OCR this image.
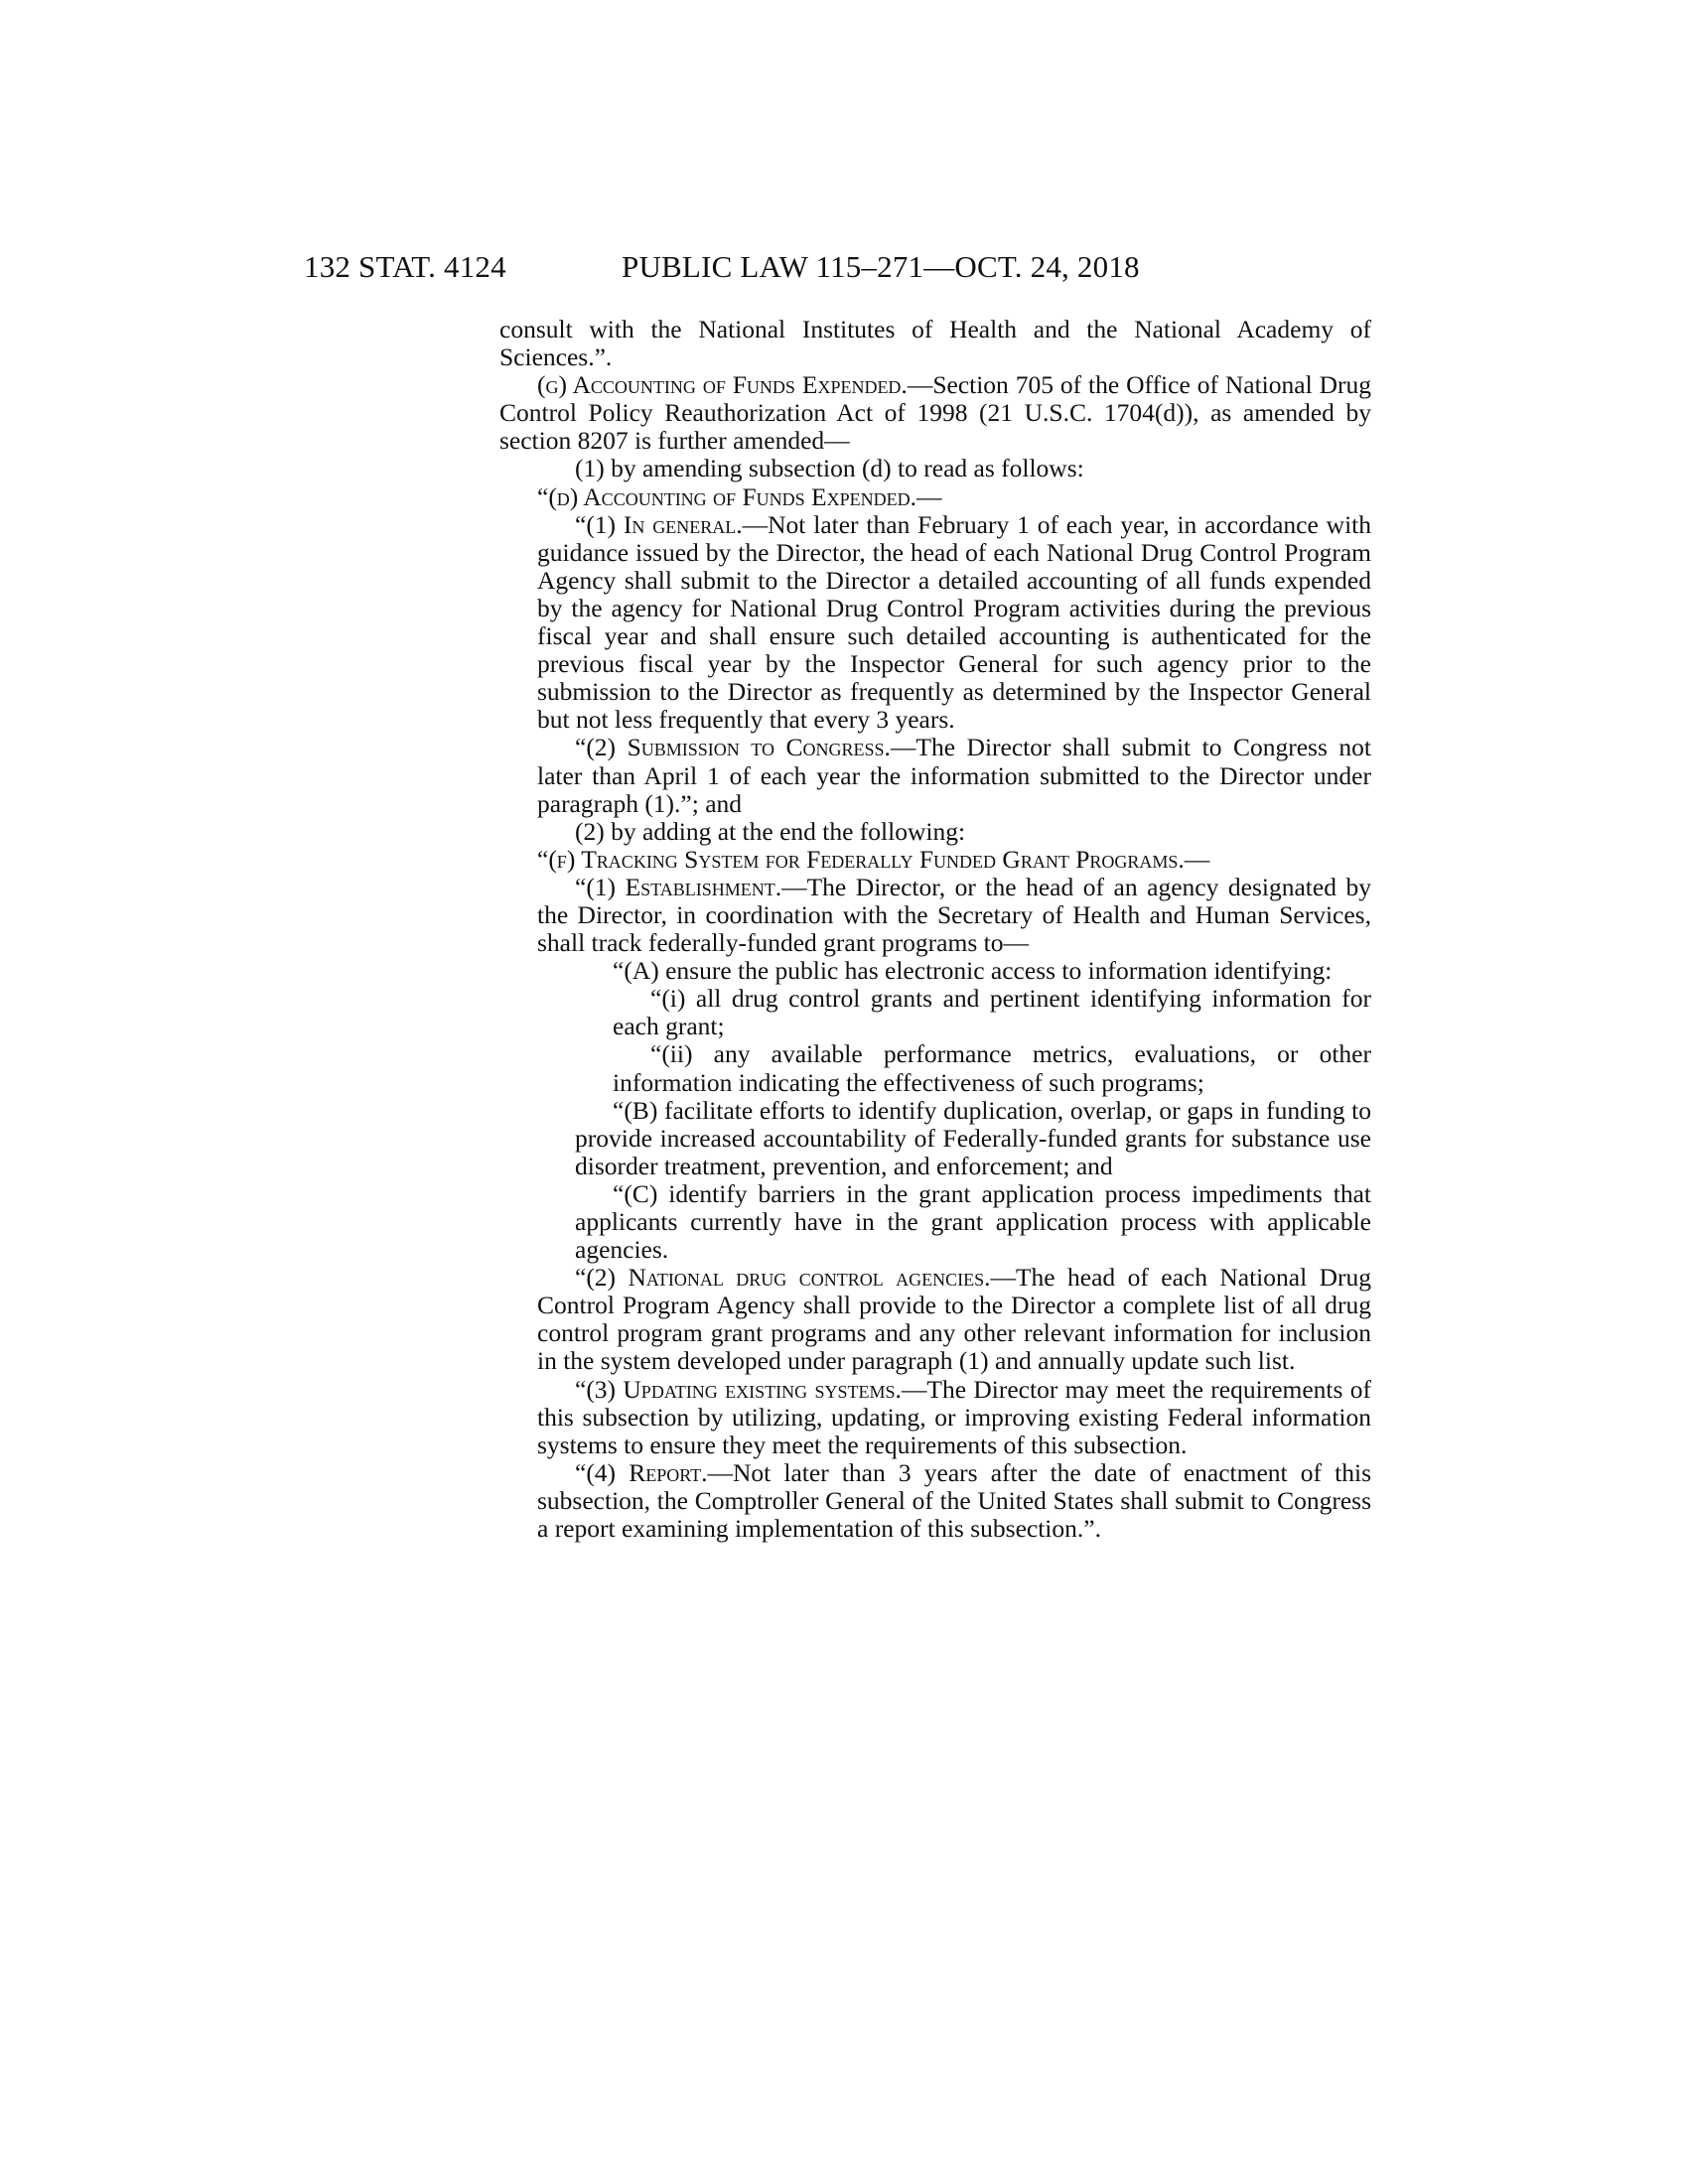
132 STAT. 4124	PUBLIC LAW 115–271—OCT. 24, 2018

consult with the National Institutes of Health and the National Academy of Sciences.”.

(g) Accounting of Funds Expended.—Section 705 of the Office of National Drug Control Policy Reauthorization Act of 1998 (21 U.S.C. 1704(d)), as amended by section 8207 is further amended—

(1) by amending subsection (d) to read as follows:

“(d) Accounting of Funds Expended.—

“(1) In general.—Not later than February 1 of each year, in accordance with guidance issued by the Director, the head of each National Drug Control Program Agency shall submit to the Director a detailed accounting of all funds expended by the agency for National Drug Control Program activities during the previous fiscal year and shall ensure such detailed accounting is authenticated for the previous fiscal year by the Inspector General for such agency prior to the submission to the Director as frequently as determined by the Inspector General but not less frequently that every 3 years.

“(2) Submission to Congress.—The Director shall submit to Congress not later than April 1 of each year the information submitted to the Director under paragraph (1).”; and

(2) by adding at the end the following:

“(f) Tracking System for Federally Funded Grant Programs.—

“(1) Establishment.—The Director, or the head of an agency designated by the Director, in coordination with the Secretary of Health and Human Services, shall track federally-funded grant programs to—

“(A) ensure the public has electronic access to information identifying:

“(i) all drug control grants and pertinent identifying information for each grant;

“(ii) any available performance metrics, evaluations, or other information indicating the effectiveness of such programs;

“(B) facilitate efforts to identify duplication, overlap, or gaps in funding to provide increased accountability of Federally-funded grants for substance use disorder treatment, prevention, and enforcement; and

“(C) identify barriers in the grant application process impediments that applicants currently have in the grant application process with applicable agencies.

“(2) National drug control agencies.—The head of each National Drug Control Program Agency shall provide to the Director a complete list of all drug control program grant programs and any other relevant information for inclusion in the system developed under paragraph (1) and annually update such list.

“(3) Updating existing systems.—The Director may meet the requirements of this subsection by utilizing, updating, or improving existing Federal information systems to ensure they meet the requirements of this subsection.

“(4) Report.—Not later than 3 years after the date of enactment of this subsection, the Comptroller General of the United States shall submit to Congress a report examining implementation of this subsection.”.
